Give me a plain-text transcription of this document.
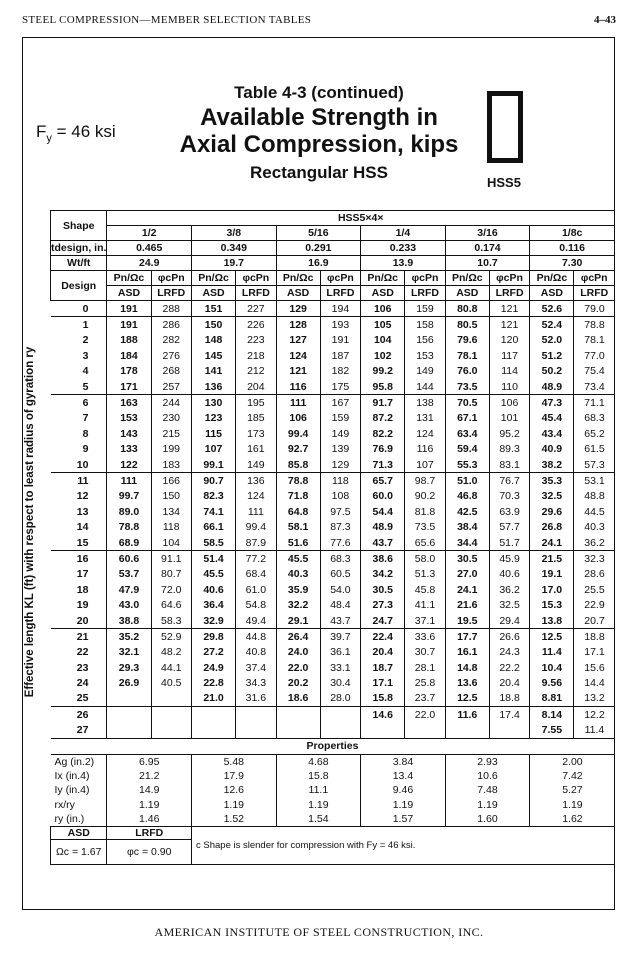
STEEL COMPRESSION—MEMBER SELECTION TABLES	4–43
$F_y = 46$ ksi
Table 4-3 (continued)
Available Strength in
Axial Compression, kips
Rectangular HSS
HSS5
Effective length KL (ft) with respect to least radius of gyration ry
Shape	HSS5×4×											
	1/2		3/8		5/16		1/4		3/16		1/8c	
tdesign, in.	0.465		0.349		0.291		0.233		0.174		0.116	
Wt/ft	24.9		19.7		16.9		13.9		10.7		7.30	
Design	Pn/Ωc	φcPn	Pn/Ωc	φcPn	Pn/Ωc	φcPn	Pn/Ωc	φcPn	Pn/Ωc	φcPn	Pn/Ωc	φcPn
	ASD	LRFD	ASD	LRFD	ASD	LRFD	ASD	LRFD	ASD	LRFD	ASD	LRFD
0	191	288	151	227	129	194	106	159	80.8	121	52.6	79.0
1	191	286	150	226	128	193	105	158	80.5	121	52.4	78.8
2	188	282	148	223	127	191	104	156	79.6	120	52.0	78.1
3	184	276	145	218	124	187	102	153	78.1	117	51.2	77.0
4	178	268	141	212	121	182	99.2	149	76.0	114	50.2	75.4
5	171	257	136	204	116	175	95.8	144	73.5	110	48.9	73.4
6	163	244	130	195	111	167	91.7	138	70.5	106	47.3	71.1
7	153	230	123	185	106	159	87.2	131	67.1	101	45.4	68.3
8	143	215	115	173	99.4	149	82.2	124	63.4	95.2	43.4	65.2
9	133	199	107	161	92.7	139	76.9	116	59.4	89.3	40.9	61.5
10	122	183	99.1	149	85.8	129	71.3	107	55.3	83.1	38.2	57.3
11	111	166	90.7	136	78.8	118	65.7	98.7	51.0	76.7	35.3	53.1
12	99.7	150	82.3	124	71.8	108	60.0	90.2	46.8	70.3	32.5	48.8
13	89.0	134	74.1	111	64.8	97.5	54.4	81.8	42.5	63.9	29.6	44.5
14	78.8	118	66.1	99.4	58.1	87.3	48.9	73.5	38.4	57.7	26.8	40.3
15	68.9	104	58.5	87.9	51.6	77.6	43.7	65.6	34.4	51.7	24.1	36.2
16	60.6	91.1	51.4	77.2	45.5	68.3	38.6	58.0	30.5	45.9	21.5	32.3
17	53.7	80.7	45.5	68.4	40.3	60.5	34.2	51.3	27.0	40.6	19.1	28.6
18	47.9	72.0	40.6	61.0	35.9	54.0	30.5	45.8	24.1	36.2	17.0	25.5
19	43.0	64.6	36.4	54.8	32.2	48.4	27.3	41.1	21.6	32.5	15.3	22.9
20	38.8	58.3	32.9	49.4	29.1	43.7	24.7	37.1	19.5	29.4	13.8	20.7
21	35.2	52.9	29.8	44.8	26.4	39.7	22.4	33.6	17.7	26.6	12.5	18.8
22	32.1	48.2	27.2	40.8	24.0	36.1	20.4	30.7	16.1	24.3	11.4	17.1
23	29.3	44.1	24.9	37.4	22.0	33.1	18.7	28.1	14.8	22.2	10.4	15.6
24	26.9	40.5	22.8	34.3	20.2	30.4	17.1	25.8	13.6	20.4	9.56	14.4
25			21.0	31.6	18.6	28.0	15.8	23.7	12.5	18.8	8.81	13.2
26							14.6	22.0	11.6	17.4	8.14	12.2
27											7.55	11.4
Properties												
Ag (in.2)	6.95		5.48		4.68		3.84		2.93		2.00	
Ix (in.4)	21.2		17.9		15.8		13.4		10.6		7.42	
Iy (in.4)	14.9		12.6		11.1		9.46		7.48		5.27	
rx/ry	1.19		1.19		1.19		1.19		1.19		1.19	
ry (in.)	1.46		1.52		1.54		1.57		1.60		1.62	
ASD	LRFD		c Shape is slender for compression with Fy = 46 ksi.									
Ωc = 1.67	φc = 0.90											
AMERICAN INSTITUTE OF STEEL CONSTRUCTION, INC.
